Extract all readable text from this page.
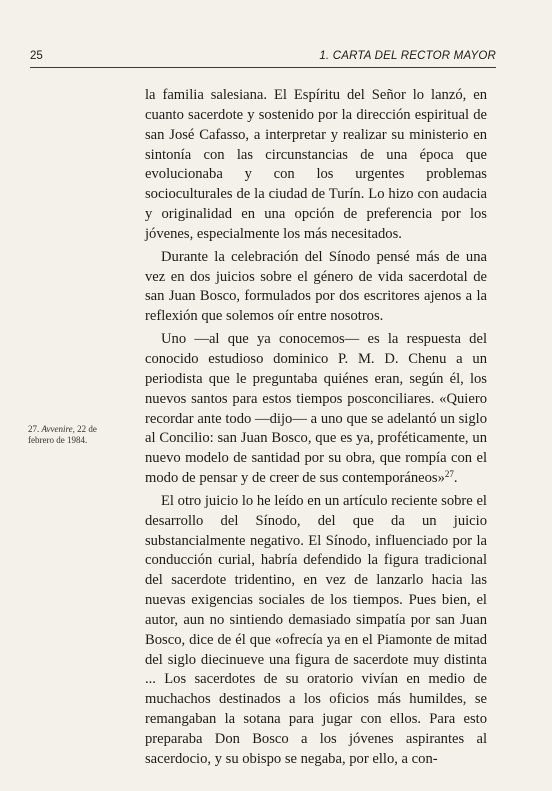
25	1. CARTA DEL RECTOR MAYOR

la familia salesiana. El Espíritu del Señor lo lanzó, en cuanto sacerdote y sostenido por la dirección espiritual de san José Cafasso, a interpretar y realizar su ministerio en sintonía con las circunstancias de una época que evolucionaba y con los urgentes problemas socioculturales de la ciudad de Turín. Lo hizo con audacia y originalidad en una opción de preferencia por los jóvenes, especialmente los más necesitados.

Durante la celebración del Sínodo pensé más de una vez en dos juicios sobre el género de vida sacerdotal de san Juan Bosco, formulados por dos escritores ajenos a la reflexión que solemos oír entre nosotros.

Uno —al que ya conocemos— es la respuesta del conocido estudioso dominico P. M. D. Chenu a un periodista que le preguntaba quiénes eran, según él, los nuevos santos para estos tiempos posconciliares. «Quiero recordar ante todo —dijo— a uno que se adelantó un siglo al Concilio: san Juan Bosco, que es ya, proféticamente, un nuevo modelo de santidad por su obra, que rompía con el modo de pensar y de creer de sus contemporáneos»$^{27}$.

El otro juicio lo he leído en un artículo reciente sobre el desarrollo del Sínodo, del que da un juicio substancialmente negativo. El Sínodo, influenciado por la conducción curial, habría defendido la figura tradicional del sacerdote tridentino, en vez de lanzarlo hacia las nuevas exigencias sociales de los tiempos. Pues bien, el autor, aun no sintiendo demasiado simpatía por san Juan Bosco, dice de él que «ofrecía ya en el Piamonte de mitad del siglo diecinueve una figura de sacerdote muy distinta ... Los sacerdotes de su oratorio vivían en medio de muchachos destinados a los oficios más humildes, se remangaban la sotana para jugar con ellos. Para esto preparaba Don Bosco a los jóvenes aspirantes al sacerdocio, y su obispo se negaba, por ello, a con-

27. Avvenire, 22 de febrero de 1984.
